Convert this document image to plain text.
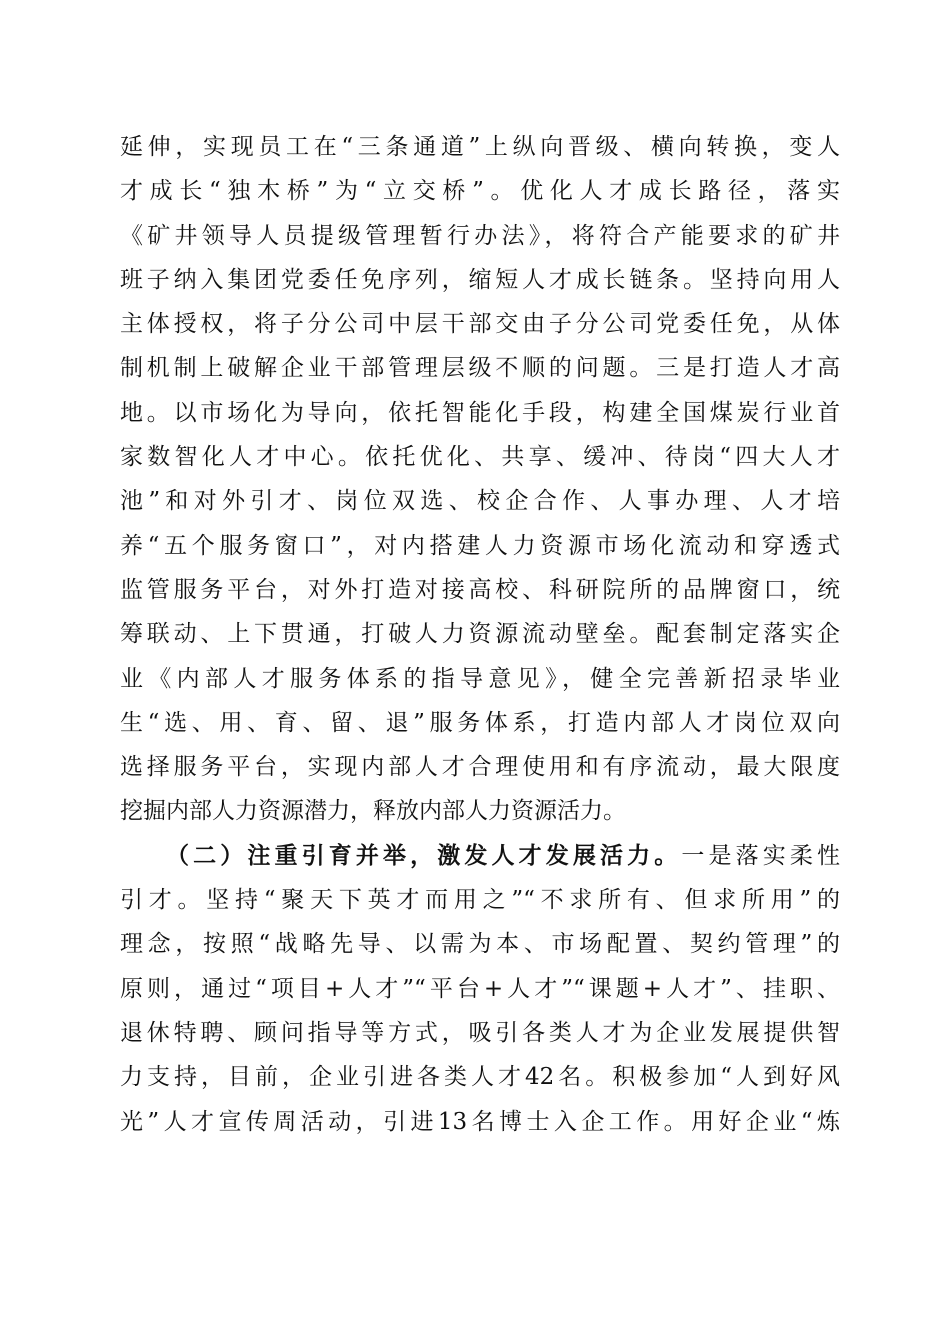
延伸，实现员工在“三条通道”上纵向晋级、横向转换，变人
才成长“独木桥”为“立交桥”。优化人才成长路径，落实
《矿井领导人员提级管理暂行办法》，将符合产能要求的矿井
班子纳入集团党委任免序列，缩短人才成长链条。坚持向用人
主体授权，将子分公司中层干部交由子分公司党委任免，从体
制机制上破解企业干部管理层级不顺的问题。三是打造人才高
地。以市场化为导向，依托智能化手段，构建全国煤炭行业首
家数智化人才中心。依托优化、共享、缓冲、待岗“四大人才
池”和对外引才、岗位双选、校企合作、人事办理、人才培
养“五个服务窗口”，对内搭建人力资源市场化流动和穿透式
监管服务平台，对外打造对接高校、科研院所的品牌窗口，统
筹联动、上下贯通，打破人力资源流动壁垒。配套制定落实企
业《内部人才服务体系的指导意见》，健全完善新招录毕业
生“选、用、育、留、退”服务体系，打造内部人才岗位双向
选择服务平台，实现内部人才合理使用和有序流动，最大限度
挖掘内部人力资源潜力，释放内部人力资源活力。
（二）注重引育并举，激发人才发展活力。一是落实柔性
引才。坚持“聚天下英才而用之”“不求所有、但求所用”的
理念，按照“战略先导、以需为本、市场配置、契约管理”的
原则，通过“项目+人才”“平台+人才”“课题+人才”、挂职、
退休特聘、顾问指导等方式，吸引各类人才为企业发展提供智
力支持，目前，企业引进各类人才42名。积极参加“人到好风
光”人才宣传周活动，引进13名博士入企工作。用好企业“炼
